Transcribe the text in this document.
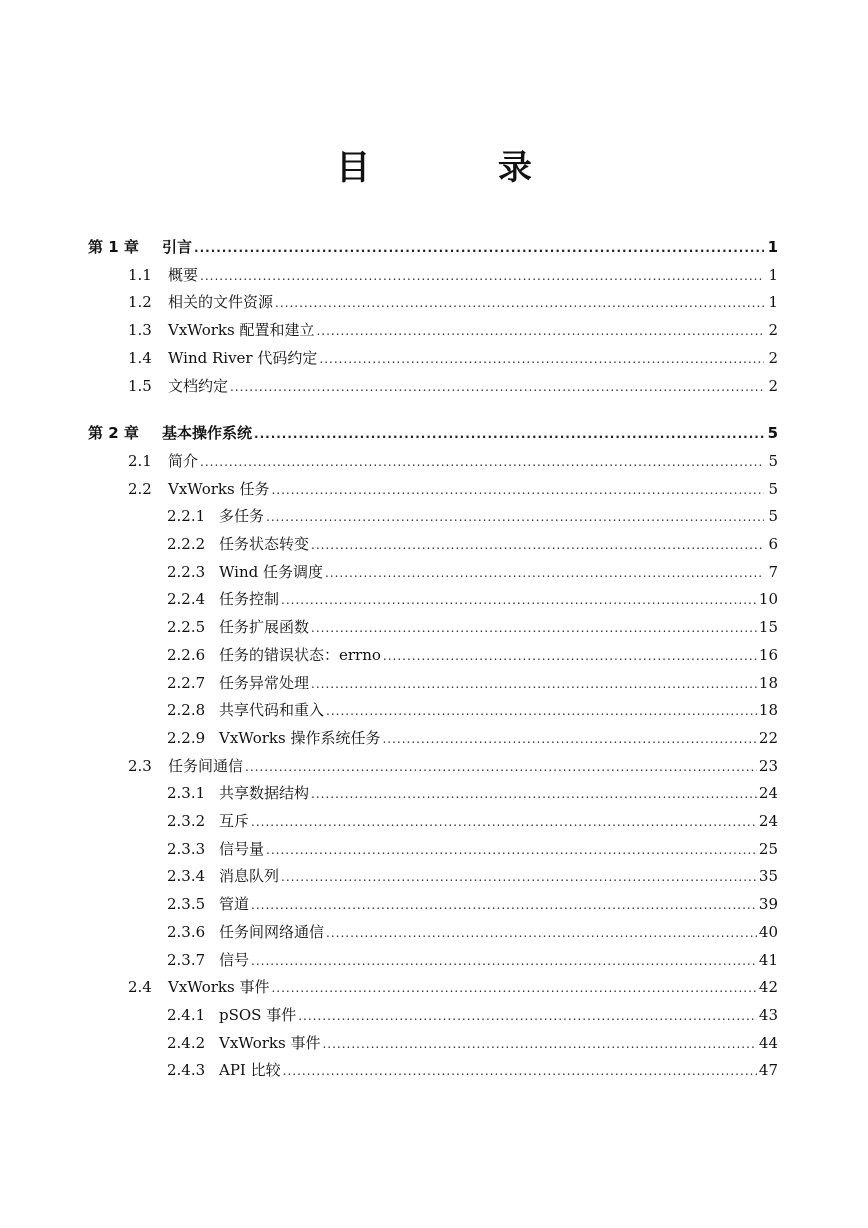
目 录
第 1 章	引言 .....	1
1.1	概要 .....	1
1.2	相关的文件资源 .....	1
1.3	VxWorks 配置和建立 .....	2
1.4	Wind River 代码约定 .....	2
1.5	文档约定 .....	2
第 2 章	基本操作系统 .....	5
2.1	简介 .....	5
2.2	VxWorks 任务 .....	5
2.2.1 多任务 .....	5
2.2.2 任务状态转变 .....	6
2.2.3 Wind 任务调度 .....	7
2.2.4 任务控制 .....	10
2.2.5 任务扩展函数 .....	15
2.2.6 任务的错误状态：errno .....	16
2.2.7 任务异常处理 .....	18
2.2.8 共享代码和重入 .....	18
2.2.9 VxWorks 操作系统任务 .....	22
2.3	任务间通信 .....	23
2.3.1 共享数据结构 .....	24
2.3.2 互斥 .....	24
2.3.3 信号量 .....	25
2.3.4 消息队列 .....	35
2.3.5 管道 .....	39
2.3.6 任务间网络通信 .....	40
2.3.7 信号 .....	41
2.4	VxWorks 事件 .....	42
2.4.1 pSOS 事件 .....	43
2.4.2 VxWorks 事件 .....	44
2.4.3 API 比较 .....	47
